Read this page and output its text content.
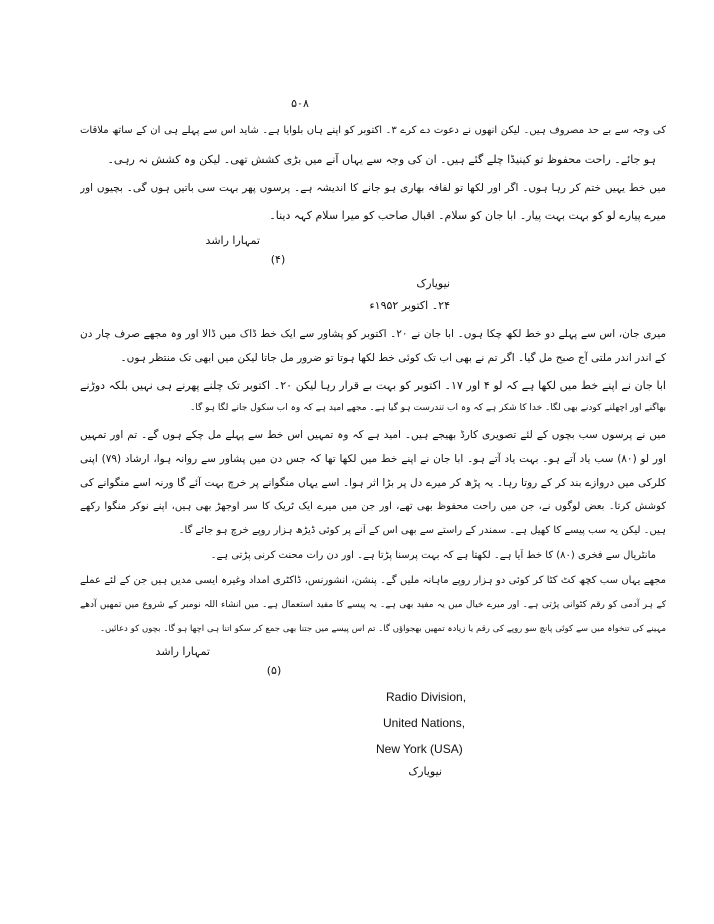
۵۰۸
کی وجہ سے بے حد مصروف ہیں۔ لیکن انھوں نے دعوت دے کرے ۳۔ اکتوبر کو اپنے ہاں بلوایا ہے۔ شاید اس سے پہلے ہی ان کے ساتھ ملاقات
ہو جائے۔ راحت محفوظ تو کینیڈا چلے گئے ہیں۔ ان کی وجہ سے یہاں آنے میں بڑی کشش تھی۔ لیکن وہ کشش نہ رہی۔
میں خط یہیں ختم کر رہا ہوں۔ اگر اور لکھا تو لفافہ بھاری ہو جانے کا اندیشہ ہے۔ پرسوں پھر بہت سی باتیں ہوں گی۔ بچیوں اور
میرے پیارے لو کو بہت بہت پیار۔ ابا جان کو سلام۔ اقبال صاحب کو میرا سلام کہہ دینا۔
تمہارا راشد
(۴)
نیویارک
۲۴۔ اکتوبر ۱۹۵۲ء
میری جان، اس سے پہلے دو خط لکھ چکا ہوں۔ ابا جان نے ۲۰۔ اکتوبر کو پشاور سے ایک خط ڈاک میں ڈالا اور وہ مجھے صرف چار دن
کے اندر اندر ملتی آج صبح مل گیا۔ اگر تم نے بھی اب تک کوئی خط لکھا ہوتا تو ضرور مل جاتا لیکن میں ابھی تک منتظر ہوں۔
ابا جان نے اپنے خط میں لکھا ہے کہ لو ۴ اور ۱۷۔ اکتوبر کو بہت بے قرار رہا لیکن ۲۰۔ اکتوبر تک چلنے پھرنے ہی نہیں بلکہ دوڑنے
بھاگنے اور اچھلنے کودنے بھی لگا۔ خدا کا شکر ہے کہ وہ اب تندرست ہو گیا ہے۔ مجھے امید ہے کہ وہ اب سکول جانے لگا ہو گا۔
میں نے پرسوں سب بچوں کے لئے تصویری کارڈ بھیجے ہیں۔ امید ہے کہ وہ تمہیں اس خط سے پہلے مل چکے ہوں گے۔ تم اور تمہیں
اور لو (۸۰) سب یاد آتے ہو۔ بہت یاد آتے ہو۔ ابا جان نے اپنے خط میں لکھا تھا کہ جس دن میں پشاور سے روانہ ہوا، ارشاد (۷۹) اپنی
کلرکی میں دروازے بند کر کے روتا رہا۔ یہ پڑھ کر میرے دل پر بڑا اثر ہوا۔ اسے یہاں منگوانے پر خرچ بہت آئے گا ورنہ اسے منگوانے کی
کوشش کرتا۔ بعض لوگوں نے، جن میں راحت محفوظ بھی تھے، اور جن میں میرے ایک ٹریک کا سر اوجھڑ بھی ہیں، اپنے نوکر منگوا رکھے
ہیں۔ لیکن یہ سب پیسے کا کھیل ہے۔ سمندر کے راستے سے بھی اس کے آنے پر کوئی ڈیڑھ ہزار روپے خرچ ہو جائے گا۔
مانٹریال سے فخری (۸۰) کا خط آیا ہے۔ لکھتا ہے کہ بہت پرسنا پڑتا ہے۔ اور دن رات محنت کرنی پڑتی ہے۔
مجھے یہاں سب کچھ کٹ کٹا کر کوئی دو ہزار روپے ماہانہ ملیں گے۔ پنشن، انشورنس، ڈاکٹری امداد وغیرہ ایسی مدیں ہیں جن کے لئے عملے
کے ہر آدمی کو رقم کٹوانی پڑتی ہے۔ اور میرے خیال میں یہ مفید بھی ہے۔ یہ پیسے کا مفید استعمال ہے۔ میں انشاء اللہ نومبر کے شروع میں تمھیں آدھے
مہینے کی تنخواہ میں سے کوئی پانچ سو روپے کی رقم یا زیادہ تمھیں بھجواؤں گا۔ تم اس پیسے میں جتنا بھی جمع کر سکو اتنا ہی اچھا ہو گا۔ بچوں کو دعائیں۔
تمہارا راشد
(۵)
Radio Division,
United Nations,
New York (USA)
نیویارک
